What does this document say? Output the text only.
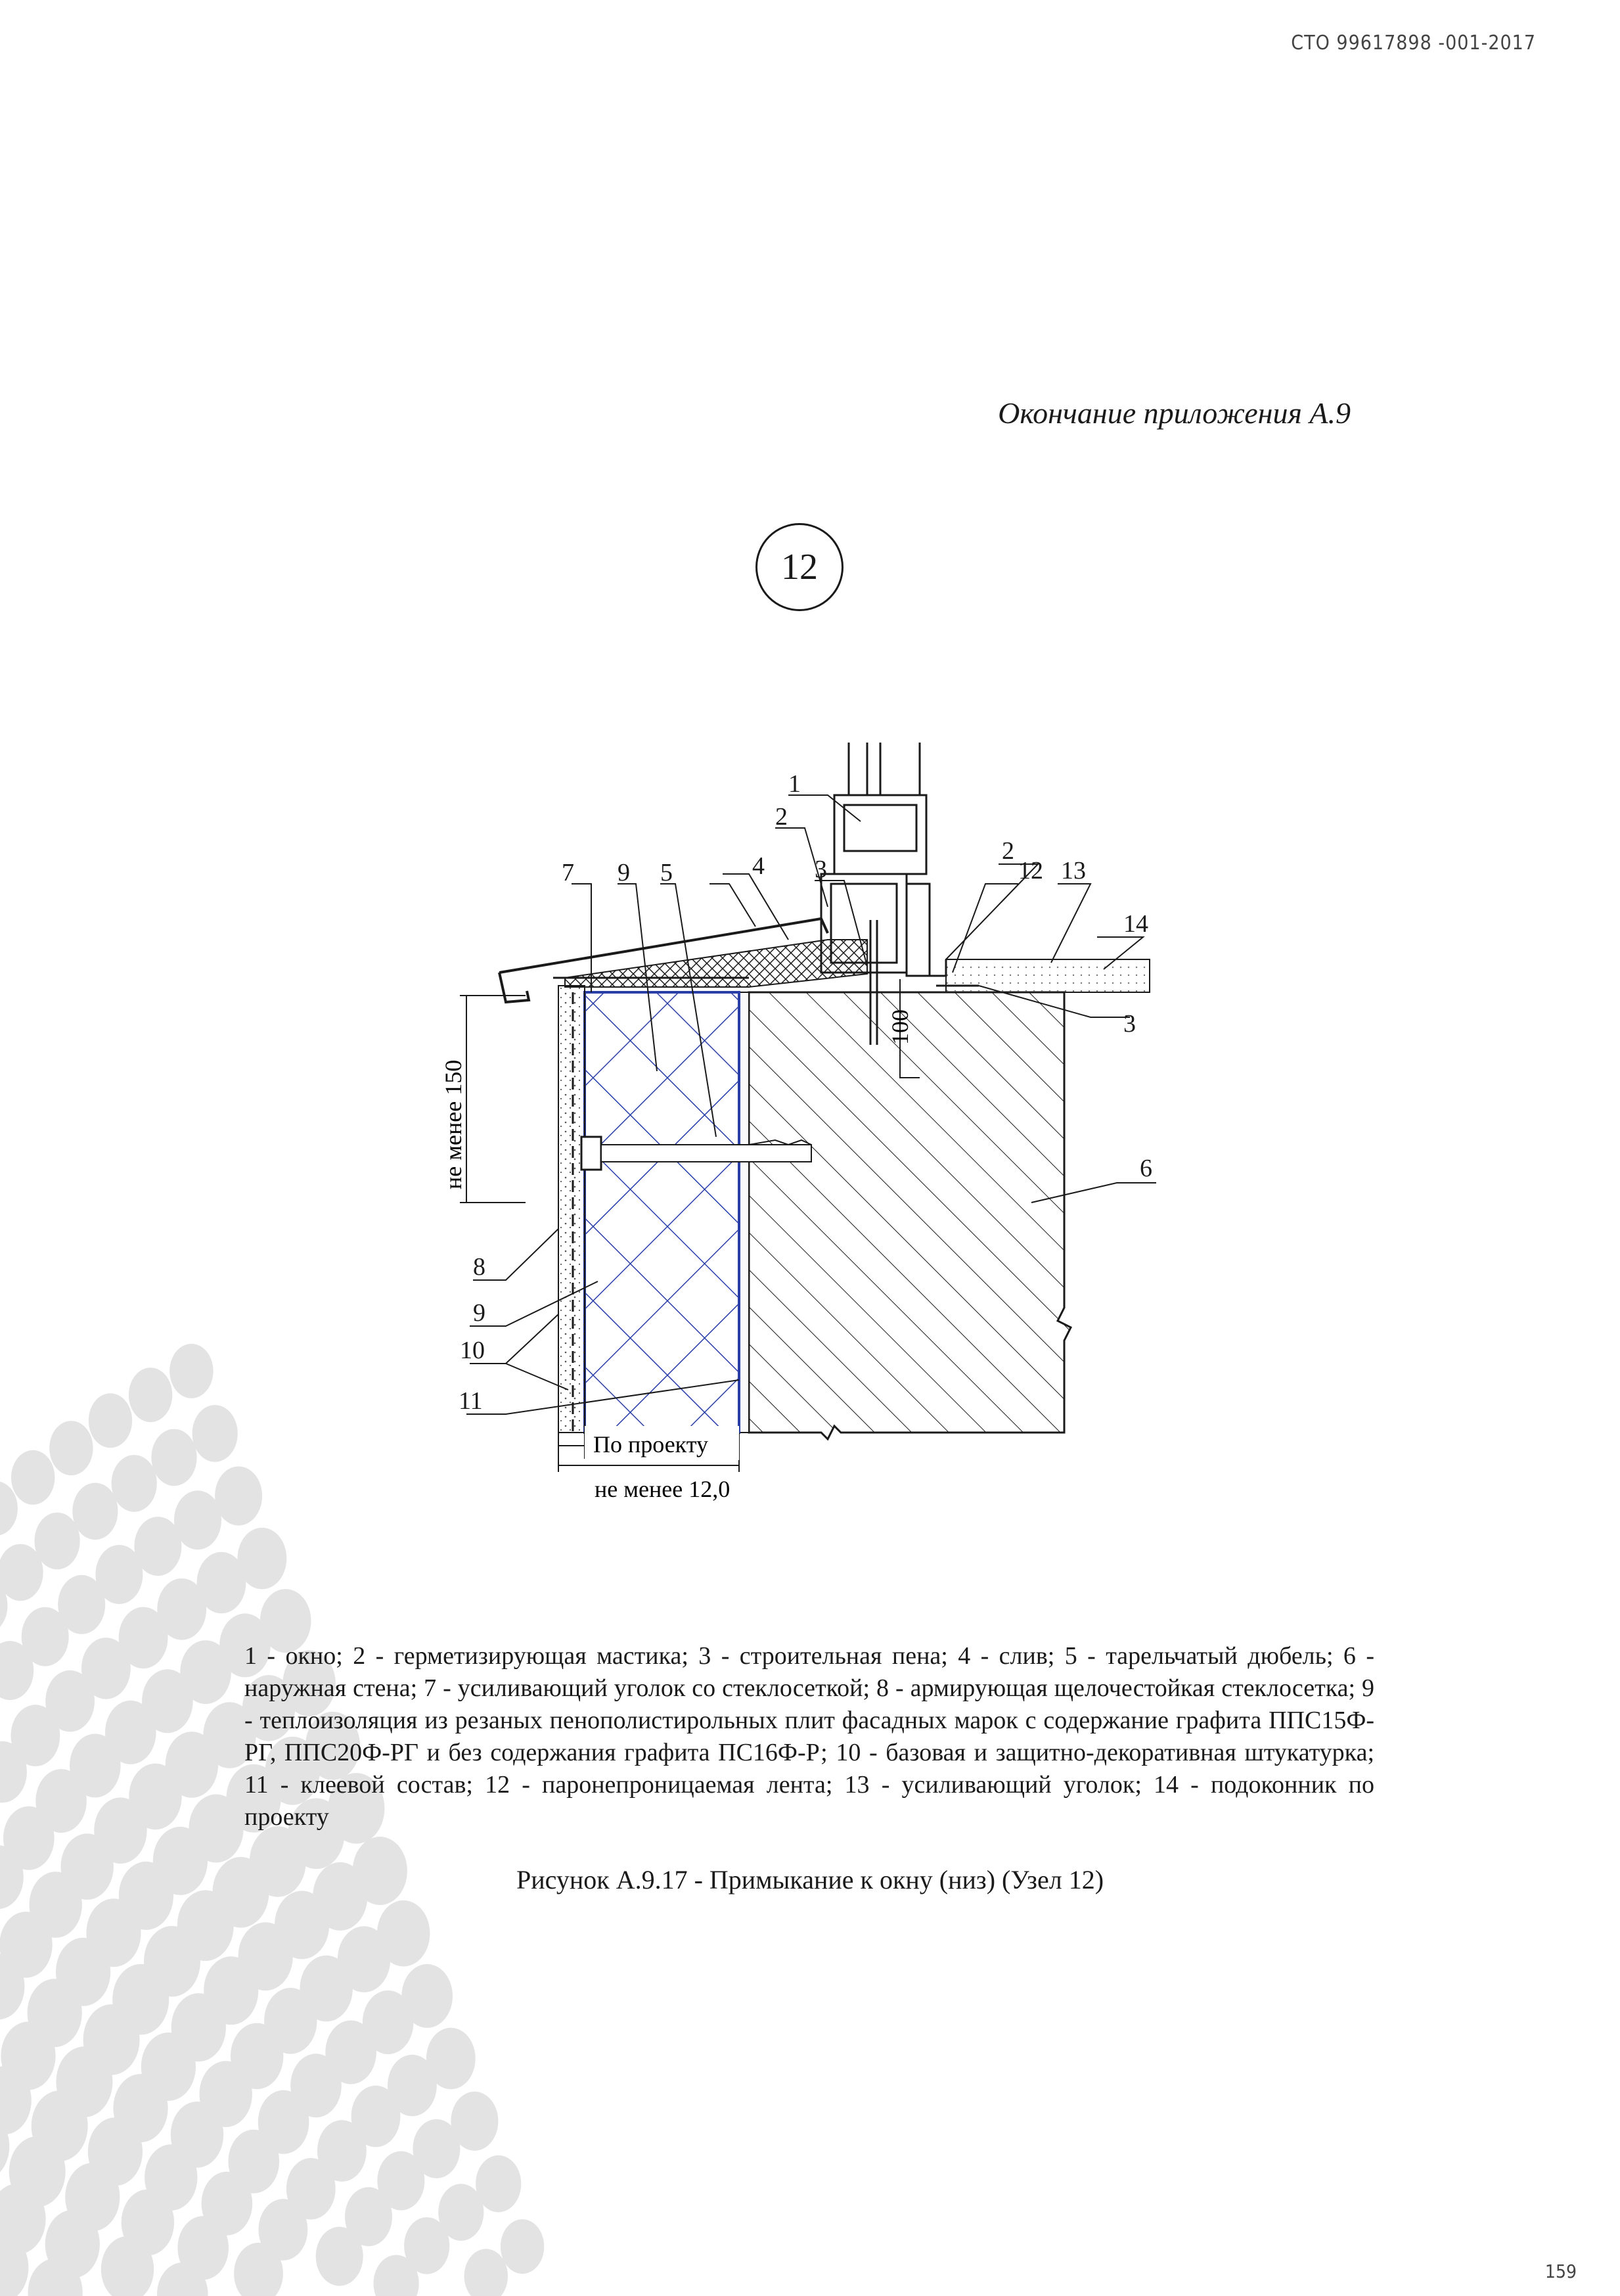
СТО 99617898 -001-2017
Окончание приложения А.9
12
100
не менее 150
По проекту
не менее 12,0
1
2
3
4
5
6
7
8
9
9
10
11
12 13
14
2
3
1 - окно; 2 - герметизирующая мастика; 3 - строительная пена; 4 - слив; 5 - тарельчатый дюбель; 6 - наружная стена; 7 - усиливающий уголок со стеклосеткой; 8 - армирующая щелочестойкая стеклосетка; 9 - теплоизоляция из резаных пенополистирольных плит фасадных марок с содержание графита ППС15Ф-РГ, ППС20Ф-РГ и без содержания графита ПС16Ф-Р; 10 - базовая и защитно-декоративная штукатурка; 11 - клеевой состав; 12 - паронепроницаемая лента; 13 - усиливающий уголок; 14 - подоконник по проекту
Рисунок А.9.17 - Примыкание к окну (низ) (Узел 12)
159
